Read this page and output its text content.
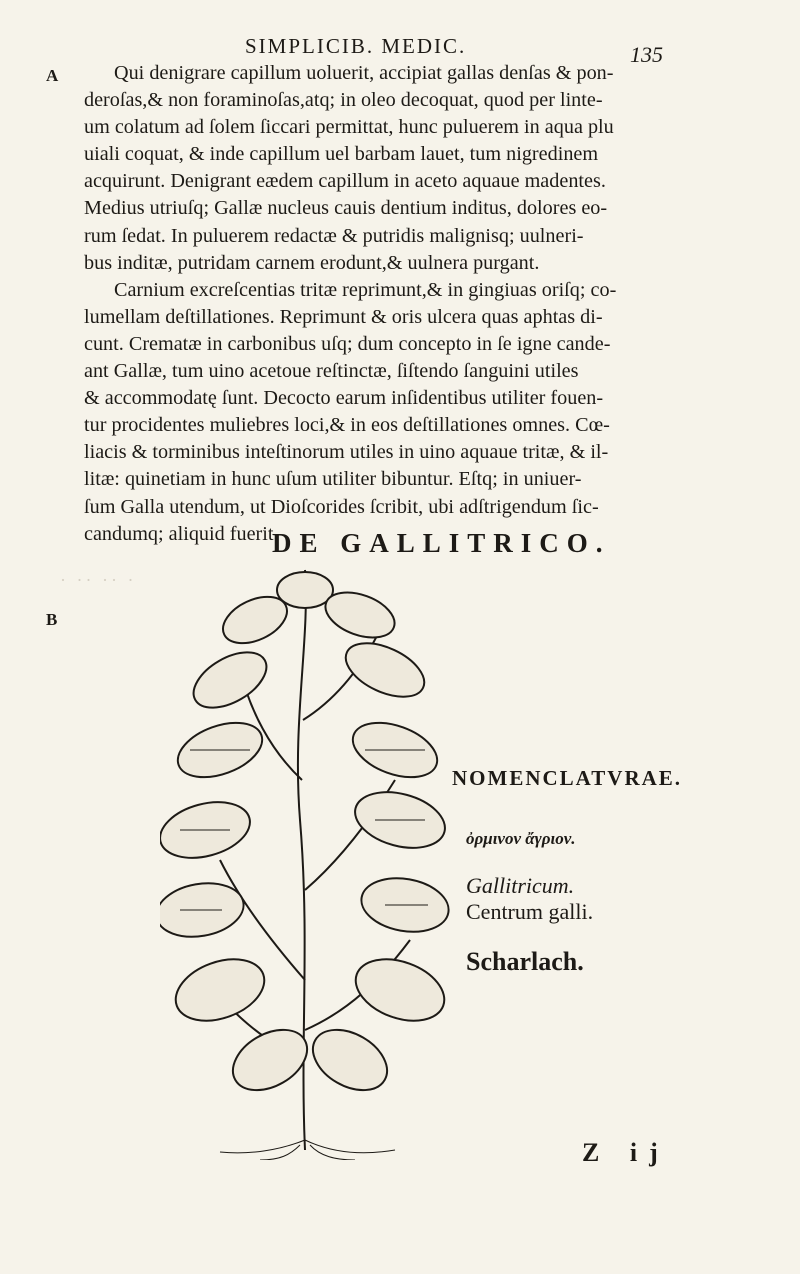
SIMPLICIB. MEDIC.	135
A
B
Qui denigrare capillum uoluerit, accipiat gallas denſas & pon-
deroſas,& non foraminoſas,atq; in oleo decoquat, quod per linte-
um colatum ad ſolem ſiccari permittat, hunc puluerem in aqua plu
uiali coquat, & inde capillum uel barbam lauet, tum nigredinem
acquirunt. Denigrant eædem capillum in aceto aquaue madentes.
Medius utriuſq; Gallæ nucleus cauis dentium inditus, dolores eo-
rum ſedat. In puluerem redactæ & putridis malignisq; uulneri-
bus inditæ, putridam carnem erodunt,& uulnera purgant.
Carnium excreſcentias tritæ reprimunt,& in gingiuas oriſq; co-
lumellam deſtillationes. Reprimunt & oris ulcera quas aphtas di-
cunt. Crematæ in carbonibus uſq; dum concepto in ſe igne cande-
ant Gallæ, tum uino acetoue reſtinctæ, ſiſtendo ſanguini utiles
& accommodatę ſunt. Decocto earum inſidentibus utiliter fouen-
tur procidentes muliebres loci,& in eos deſtillationes omnes. Cœ-
liacis & torminibus inteſtinorum utiles in uino aquaue tritæ, & il-
litæ: quinetiam in hunc uſum utiliter bibuntur. Eſtq; in uniuer-
ſum Galla utendum, ut Dioſcorides ſcribit, ubi adſtrigendum ſic-
candumq; aliquid fuerit.
DE GALLITRICO.
· ·· ·· ·
NOMENCLATVRAE.
ὀρμινον ἄγριον.
Gallitricum.
Centrum galli.
Scharlach.
Z ij
